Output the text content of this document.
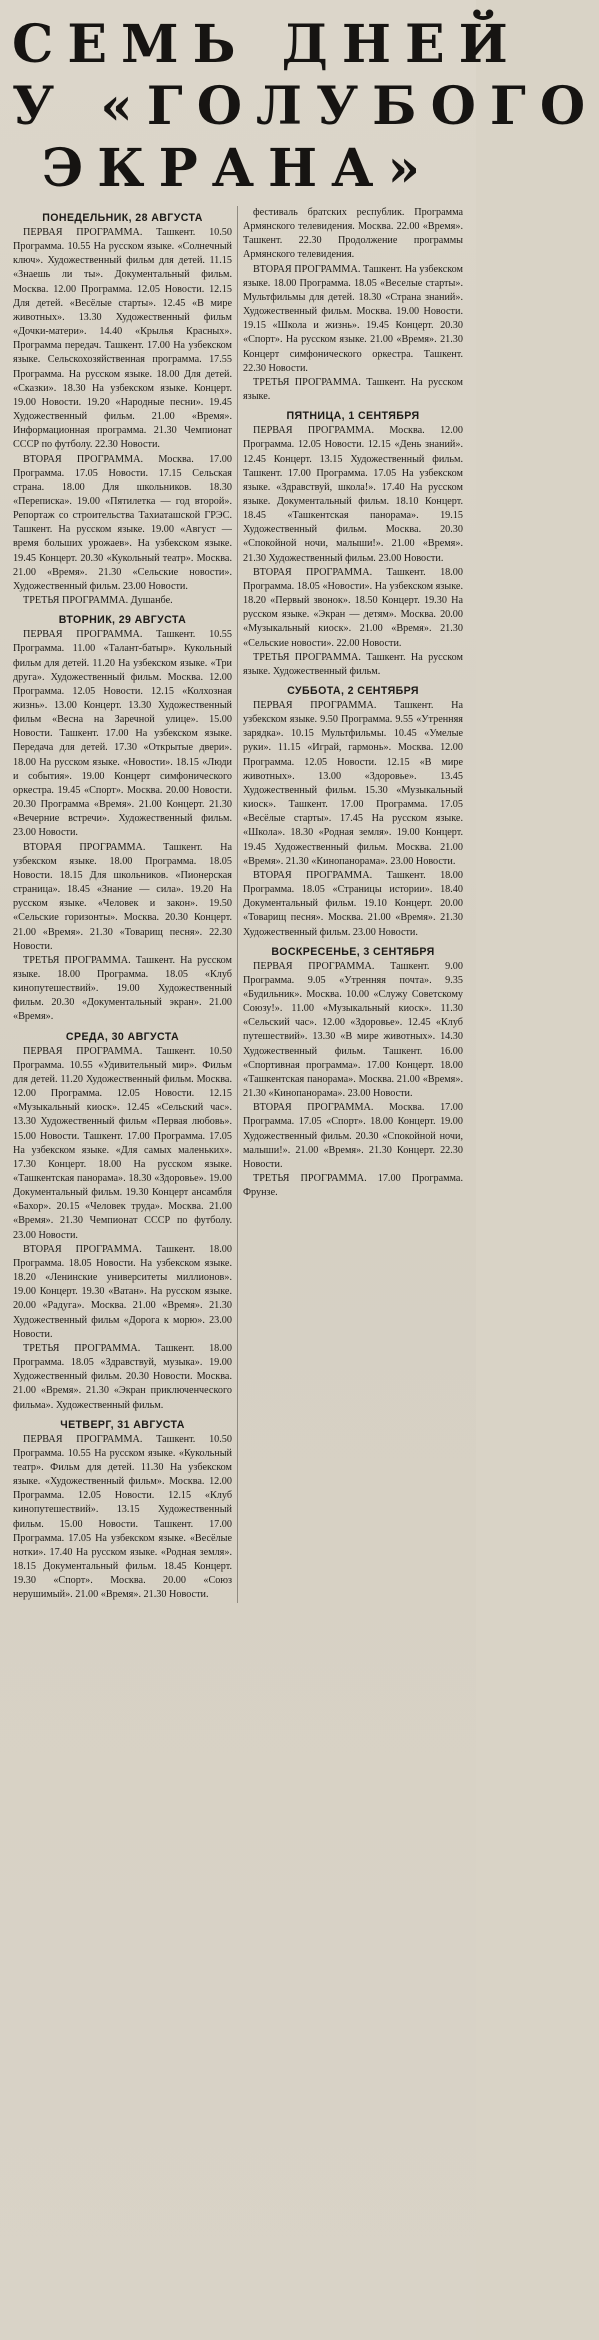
СЕМЬ ДНЕЙ
У «ГОЛУБОГО
ЭКРАНА»
ПОНЕДЕЛЬНИК, 28 АВГУСТА

ПЕРВАЯ ПРОГРАММА. Ташкент. 10.50 Программа. 10.55 На русском языке. «Солнечный ключ». Художественный фильм для детей. 11.15 «Знаешь ли ты». Документальный фильм. Москва. 12.00 Программа. 12.05 Новости. 12.15 Для детей. «Весёлые старты». 12.45 «В мире животных». 13.30 Художественный фильм «Дочки-матери». 14.40 «Крылья Красных». Программа передач. Ташкент. 17.00 На узбекском языке. Сельскохозяйственная программа. 17.55 Программа. На русском языке. 18.00 Для детей. «Сказки». 18.30 На узбекском языке. Концерт. 19.00 Новости. 19.20 «Народные песни». 19.45 Художественный фильм. 21.00 «Время». Информационная программа. 21.30 Чемпионат СССР по футболу. 22.30 Новости.

ВТОРАЯ ПРОГРАММА. Москва. 17.00 Программа. 17.05 Новости. 17.15 Сельская страна. 18.00 Для школьников. 18.30 «Переписка». 19.00 «Пятилетка — год второй». Репортаж со строительства Тахиаташской ГРЭС. Ташкент. На русском языке. 19.00 «Август — время больших урожаев». На узбекском языке. 19.45 Концерт. 20.30 «Кукольный театр». Москва. 21.00 «Время». 21.30 «Сельские новости». Художественный фильм. 23.00 Новости.

ТРЕТЬЯ ПРОГРАММА. Душанбе.

ВТОРНИК, 29 АВГУСТА

ПЕРВАЯ ПРОГРАММА. Ташкент. 10.55 Программа. 11.00 «Талант-батыр». Кукольный фильм для детей. 11.20 На узбекском языке. «Три друга». Художественный фильм. Москва. 12.00 Программа. 12.05 Новости. 12.15 «Колхозная жизнь». 13.00 Концерт. 13.30 Художественный фильм «Весна на Заречной улице». 15.00 Новости. Ташкент. 17.00 На узбекском языке. Передача для детей. 17.30 «Открытые двери». 18.00 На русском языке. «Новости». 18.15 «Люди и события». 19.00 Концерт симфонического оркестра. 19.45 «Спорт». Москва. 20.00 Новости. 20.30 Программа «Время». 21.00 Концерт. 21.30 «Вечерние встречи». Художественный фильм. 23.00 Новости.

ВТОРАЯ ПРОГРАММА. Ташкент. На узбекском языке. 18.00 Программа. 18.05 Новости. 18.15 Для школьников. «Пионерская страница». 18.45 «Знание — сила». 19.20 На русском языке. «Человек и закон». 19.50 «Сельские горизонты». Москва. 20.30 Концерт. 21.00 «Время». 21.30 «Товарищ песня». 22.30 Новости.

ТРЕТЬЯ ПРОГРАММА. Ташкент. На русском языке. 18.00 Программа. 18.05 «Клуб кинопутешествий». 19.00 Художественный фильм. 20.30 «Документальный экран». 21.00 «Время».

СРЕДА, 30 АВГУСТА

ПЕРВАЯ ПРОГРАММА. Ташкент. 10.50 Программа. 10.55 «Удивительный мир». Фильм для детей. 11.20 Художественный фильм. Москва. 12.00 Программа. 12.05 Новости. 12.15 «Музыкальный киоск». 12.45 «Сельский час». 13.30 Художественный фильм «Первая любовь». 15.00 Новости. Ташкент. 17.00 Программа. 17.05 На узбекском языке. «Для самых маленьких». 17.30 Концерт. 18.00 На русском языке. «Ташкентская панорама». 18.30 «Здоровье». 19.00 Документальный фильм. 19.30 Концерт ансамбля «Бахор». 20.15 «Человек труда». Москва. 21.00 «Время». 21.30 Чемпионат СССР по футболу. 23.00 Новости.

ВТОРАЯ ПРОГРАММА. Ташкент. 18.00 Программа. 18.05 Новости. На узбекском языке. 18.20 «Ленинские университеты миллионов». 19.00 Концерт. 19.30 «Ватан». На русском языке. 20.00 «Радуга». Москва. 21.00 «Время». 21.30 Художественный фильм «Дорога к морю». 23.00 Новости.

ТРЕТЬЯ ПРОГРАММА. Ташкент. 18.00 Программа. 18.05 «Здравствуй, музыка». 19.00 Художественный фильм. 20.30 Новости. Москва. 21.00 «Время». 21.30 «Экран приключенческого фильма». Художественный фильм.

ЧЕТВЕРГ, 31 АВГУСТА

ПЕРВАЯ ПРОГРАММА. Ташкент. 10.50 Программа. 10.55 На русском языке. «Кукольный театр». Фильм для детей. 11.30 На узбекском языке. «Художественный фильм». Москва. 12.00 Программа. 12.05 Новости. 12.15 «Клуб кинопутешествий». 13.15 Художественный фильм. 15.00 Новости. Ташкент. 17.00 Программа. 17.05 На узбекском языке. «Весёлые нотки». 17.40 На русском языке. «Родная земля». 18.15 Документальный фильм. 18.45 Концерт. 19.30 «Спорт». Москва. 20.00 «Союз нерушимый». 21.00 «Время». 21.30 Новости.

фестиваль братских республик. Программа Армянского телевидения. Москва. 22.00 «Время». Ташкент. 22.30 Продолжение программы Армянского телевидения.

ВТОРАЯ ПРОГРАММА. Ташкент. На узбекском языке. 18.00 Программа. 18.05 «Веселые старты». Мультфильмы для детей. 18.30 «Страна знаний». Художественный фильм. Москва. 19.00 Новости. 19.15 «Школа и жизнь». 19.45 Концерт. 20.30 «Спорт». На русском языке. 21.00 «Время». 21.30 Концерт симфонического оркестра. Ташкент. 22.30 Новости.

ТРЕТЬЯ ПРОГРАММА. Ташкент. На русском языке.

ПЯТНИЦА, 1 СЕНТЯБРЯ

ПЕРВАЯ ПРОГРАММА. Москва. 12.00 Программа. 12.05 Новости. 12.15 «День знаний». 12.45 Концерт. 13.15 Художественный фильм. Ташкент. 17.00 Программа. 17.05 На узбекском языке. «Здравствуй, школа!». 17.40 На русском языке. Документальный фильм. 18.10 Концерт. 18.45 «Ташкентская панорама». 19.15 Художественный фильм. Москва. 20.30 «Спокойной ночи, малыши!». 21.00 «Время». 21.30 Художественный фильм. 23.00 Новости.

ВТОРАЯ ПРОГРАММА. Ташкент. 18.00 Программа. 18.05 «Новости». На узбекском языке. 18.20 «Первый звонок». 18.50 Концерт. 19.30 На русском языке. «Экран — детям». Москва. 20.00 «Музыкальный киоск». 21.00 «Время». 21.30 «Сельские новости». 22.00 Новости.

ТРЕТЬЯ ПРОГРАММА. Ташкент. На русском языке. Художественный фильм.

СУББОТА, 2 СЕНТЯБРЯ

ПЕРВАЯ ПРОГРАММА. Ташкент. На узбекском языке. 9.50 Программа. 9.55 «Утренняя зарядка». 10.15 Мультфильмы. 10.45 «Умелые руки». 11.15 «Играй, гармонь». Москва. 12.00 Программа. 12.05 Новости. 12.15 «В мире животных». 13.00 «Здоровье». 13.45 Художественный фильм. 15.30 «Музыкальный киоск». Ташкент. 17.00 Программа. 17.05 «Весёлые старты». 17.45 На русском языке. «Школа». 18.30 «Родная земля». 19.00 Концерт. 19.45 Художественный фильм. Москва. 21.00 «Время». 21.30 «Кинопанорама». 23.00 Новости.

ВТОРАЯ ПРОГРАММА. Ташкент. 18.00 Программа. 18.05 «Страницы истории». 18.40 Документальный фильм. 19.10 Концерт. 20.00 «Товарищ песня». Москва. 21.00 «Время». 21.30 Художественный фильм. 23.00 Новости.

ВОСКРЕСЕНЬЕ, 3 СЕНТЯБРЯ

ПЕРВАЯ ПРОГРАММА. Ташкент. 9.00 Программа. 9.05 «Утренняя почта». 9.35 «Будильник». Москва. 10.00 «Служу Советскому Союзу!». 11.00 «Музыкальный киоск». 11.30 «Сельский час». 12.00 «Здоровье». 12.45 «Клуб путешествий». 13.30 «В мире животных». 14.30 Художественный фильм. Ташкент. 16.00 «Спортивная программа». 17.00 Концерт. 18.00 «Ташкентская панорама». Москва. 21.00 «Время». 21.30 «Кинопанорама». 23.00 Новости.

ВТОРАЯ ПРОГРАММА. Москва. 17.00 Программа. 17.05 «Спорт». 18.00 Концерт. 19.00 Художественный фильм. 20.30 «Спокойной ночи, малыши!». 21.00 «Время». 21.30 Концерт. 22.30 Новости.

ТРЕТЬЯ ПРОГРАММА. 17.00 Программа. Фрунзе.
